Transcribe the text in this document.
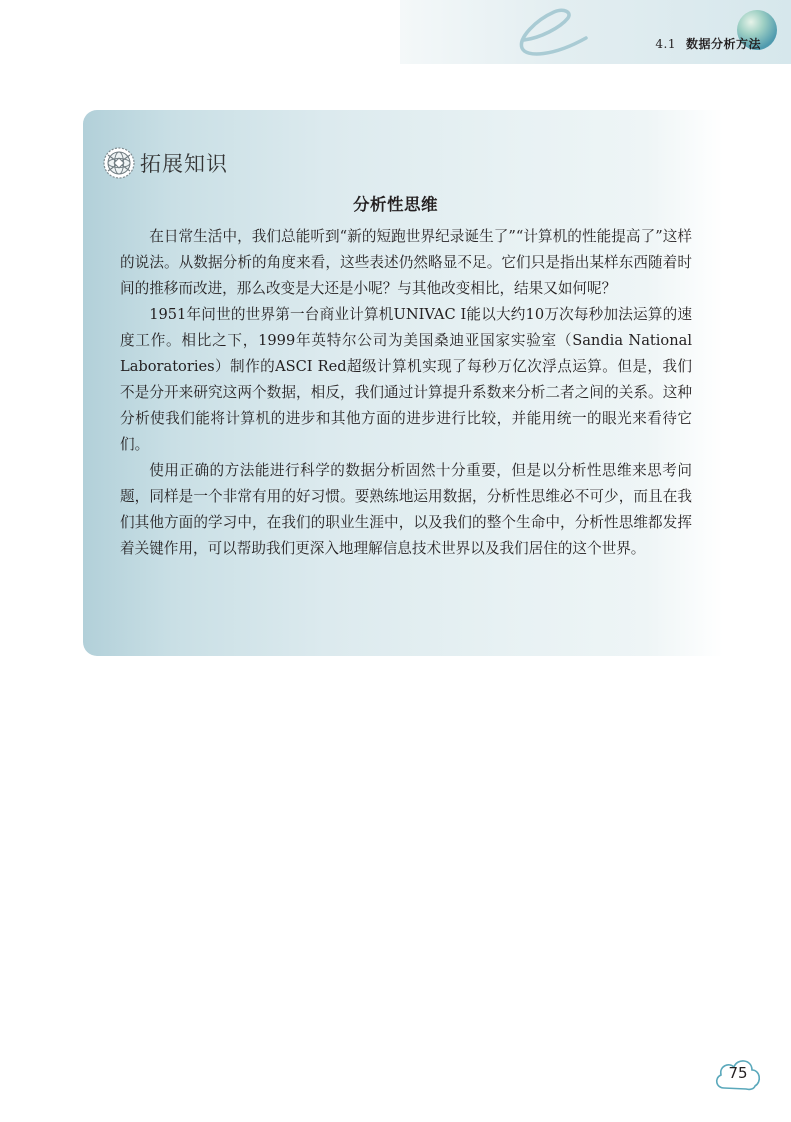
4.1 数据分析方法
拓展知识
分析性思维

在日常生活中，我们总能听到“新的短跑世界纪录诞生了”“计算机的性能提高了”这样的说法。从数据分析的角度来看，这些表述仍然略显不足。它们只是指出某样东西随着时间的推移而改进，那么改变是大还是小呢？与其他改变相比，结果又如何呢？

1951年问世的世界第一台商业计算机UNIVAC Ⅰ能以大约10万次每秒加法运算的速度工作。相比之下，1999年英特尔公司为美国桑迪亚国家实验室（Sandia National Laboratories）制作的ASCI Red超级计算机实现了每秒万亿次浮点运算。但是，我们不是分开来研究这两个数据，相反，我们通过计算提升系数来分析二者之间的关系。这种分析使我们能将计算机的进步和其他方面的进步进行比较，并能用统一的眼光来看待它们。

使用正确的方法能进行科学的数据分析固然十分重要，但是以分析性思维来思考问题，同样是一个非常有用的好习惯。要熟练地运用数据，分析性思维必不可少，而且在我们其他方面的学习中，在我们的职业生涯中，以及我们的整个生命中，分析性思维都发挥着关键作用，可以帮助我们更深入地理解信息技术世界以及我们居住的这个世界。

75
